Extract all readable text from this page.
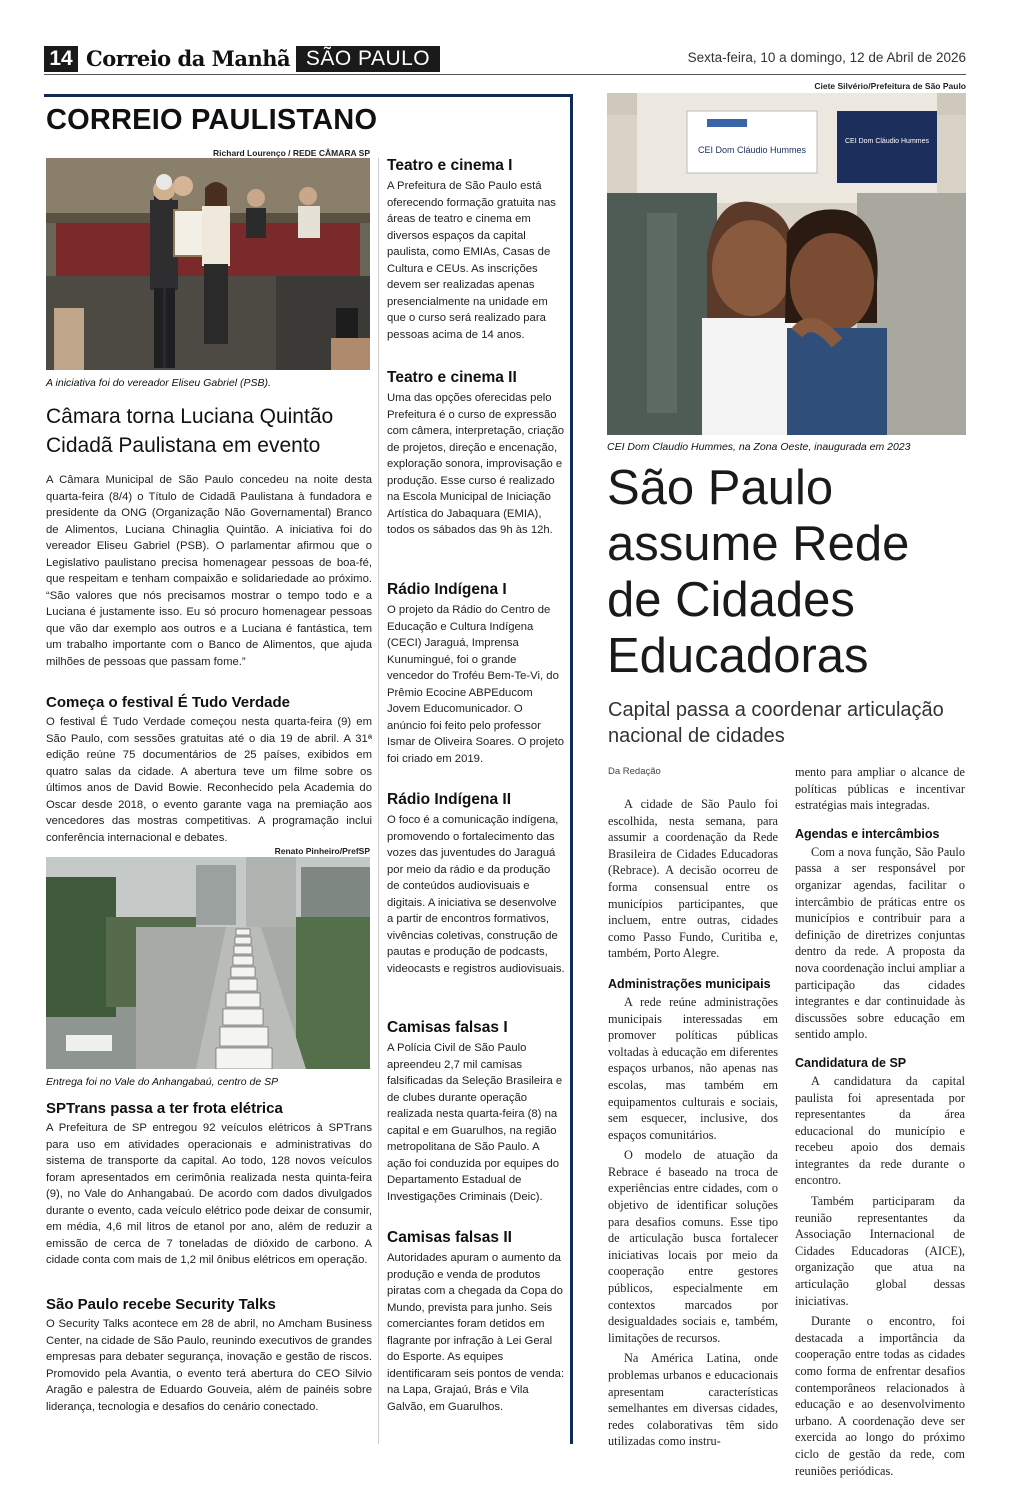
14 Correio da Manhã SÃO PAULO	Sexta-feira, 10 a domingo, 12 de Abril de 2026
CORREIO PAULISTANO
Richard Lourenço / REDE CÂMARA SP
A iniciativa foi do vereador Eliseu Gabriel (PSB).
Câmara torna Luciana Quintão Cidadã Paulistana em evento
A Câmara Municipal de São Paulo concedeu na noite desta quarta-feira (8/4) o Título de Cidadã Paulistana à fundadora e presidente da ONG (Organização Não Governamental) Branco de Alimentos, Luciana Chinaglia Quintão. A iniciativa foi do vereador Eliseu Gabriel (PSB). O parlamentar afirmou que o Legislativo paulistano precisa homenagear pessoas de boa-fé, que respeitam e tenham compaixão e solidariedade ao próximo. “São valores que nós precisamos mostrar o tempo todo e a Luciana é justamente isso. Eu só procuro homenagear pessoas que vão dar exemplo aos outros e a Luciana é fantástica, tem um trabalho importante com o Banco de Alimentos, que ajuda milhões de pessoas que passam fome.”
Começa o festival É Tudo Verdade
O festival É Tudo Verdade começou nesta quarta-feira (9) em São Paulo, com sessões gratuitas até o dia 19 de abril. A 31ª edição reúne 75 documentários de 25 países, exibidos em quatro salas da cidade. A abertura teve um filme sobre os últimos anos de David Bowie. Reconhecido pela Academia do Oscar desde 2018, o evento garante vaga na premiação aos vencedores das mostras competitivas. A programação inclui conferência internacional e debates.
Renato Pinheiro/PrefSP
Entrega foi no Vale do Anhangabaú, centro de SP
SPTrans passa a ter frota elétrica
A Prefeitura de SP entregou 92 veículos elétricos à SPTrans para uso em atividades operacionais e administrativas do sistema de transporte da capital. Ao todo, 128 novos veículos foram apresentados em cerimônia realizada nesta quinta-feira (9), no Vale do Anhangabaú. De acordo com dados divulgados durante o evento, cada veículo elétrico pode deixar de consumir, em média, 4,6 mil litros de etanol por ano, além de reduzir a emissão de cerca de 7 toneladas de dióxido de carbono. A cidade conta com mais de 1,2 mil ônibus elétricos em operação.
São Paulo recebe Security Talks
O Security Talks acontece em 28 de abril, no Amcham Business Center, na cidade de São Paulo, reunindo executivos de grandes empresas para debater segurança, inovação e gestão de riscos. Promovido pela Avantia, o evento terá abertura do CEO Silvio Aragão e palestra de Eduardo Gouveia, além de painéis sobre liderança, tecnologia e desafios do cenário conectado.
Teatro e cinema I
A Prefeitura de São Paulo está oferecendo formação gratuita nas áreas de teatro e cinema em diversos espaços da capital paulista, como EMIAs, Casas de Cultura e CEUs. As inscrições devem ser realizadas apenas presencialmente na unidade em que o curso será realizado para pessoas acima de 14 anos.
Teatro e cinema II
Uma das opções oferecidas pelo Prefeitura é o curso de expressão com câmera, interpretação, criação de projetos, direção e encenação, exploração sonora, improvisação e produção. Esse curso é realizado na Escola Municipal de Iniciação Artística do Jabaquara (EMIA), todos os sábados das 9h às 12h.
Rádio Indígena I
O projeto da Rádio do Centro de Educação e Cultura Indígena (CECI) Jaraguá, Imprensa Kunumingué, foi o grande vencedor do Troféu Bem-Te-Vi, do Prêmio Ecocine ABPEducom Jovem Educomunicador. O anúncio foi feito pelo professor Ismar de Oliveira Soares. O projeto foi criado em 2019.
Rádio Indígena II
O foco é a comunicação indígena, promovendo o fortalecimento das vozes das juventudes do Jaraguá por meio da rádio e da produção de conteúdos audiovisuais e digitais. A iniciativa se desenvolve a partir de encontros formativos, vivências coletivas, construção de pautas e produção de podcasts, videocasts e registros audiovisuais.
Camisas falsas I
A Polícia Civil de São Paulo apreendeu 2,7 mil camisas falsificadas da Seleção Brasileira e de clubes durante operação realizada nesta quarta-feira (8) na capital e em Guarulhos, na região metropolitana de São Paulo. A ação foi conduzida por equipes do Departamento Estadual de Investigações Criminais (Deic).
Camisas falsas II
Autoridades apuram o aumento da produção e venda de produtos piratas com a chegada da Copa do Mundo, prevista para junho. Seis comerciantes foram detidos em flagrante por infração à Lei Geral do Esporte. As equipes identificaram seis pontos de venda: na Lapa, Grajaú, Brás e Vila Galvão, em Guarulhos.
Ciete Silvério/Prefeitura de São Paulo
CEI Dom Cláudio Hummes
CEI Dom Cláudio Hummes
CEI Dom Claudio Hummes, na Zona Oeste, inaugurada em 2023
São Paulo assume Rede de Cidades Educadoras
Capital passa a coordenar articulação nacional de cidades
Da Redação

A cidade de São Paulo foi escolhida, nesta semana, para assumir a coordenação da Rede Brasileira de Cidades Educadoras (Rebrace). A decisão ocorreu de forma consensual entre os municípios participantes, que incluem, entre outras, cidades como Passo Fundo, Curitiba e, também, Porto Alegre.

Administrações municipais

A rede reúne administrações municipais interessadas em promover políticas públicas voltadas à educação em diferentes espaços urbanos, não apenas nas escolas, mas também em equipamentos culturais e sociais, sem esquecer, inclusive, dos espaços comunitários.

O modelo de atuação da Rebrace é baseado na troca de experiências entre cidades, com o objetivo de identificar soluções para desafios comuns. Esse tipo de articulação busca fortalecer iniciativas locais por meio da cooperação entre gestores públicos, especialmente em contextos marcados por desigualdades sociais e, também, limitações de recursos.

Na América Latina, onde problemas urbanos e educacionais apresentam características semelhantes em diversas cidades, redes colaborativas têm sido utilizadas como instru-

mento para ampliar o alcance de políticas públicas e incentivar estratégias mais integradas.

Agendas e intercâmbios

Com a nova função, São Paulo passa a ser responsável por organizar agendas, facilitar o intercâmbio de práticas entre os municípios e contribuir para a definição de diretrizes conjuntas dentro da rede. A proposta da nova coordenação inclui ampliar a participação das cidades integrantes e dar continuidade às discussões sobre educação em sentido amplo.

Candidatura de SP

A candidatura da capital paulista foi apresentada por representantes da área educacional do município e recebeu apoio dos demais integrantes da rede durante o encontro.

Também participaram da reunião representantes da Associação Internacional de Cidades Educadoras (AICE), organização que atua na articulação global dessas iniciativas.

Durante o encontro, foi destacada a importância da cooperação entre todas as cidades como forma de enfrentar desafios contemporâneos relacionados à educação e ao desenvolvimento urbano. A coordenação deve ser exercida ao longo do próximo ciclo de gestão da rede, com reuniões periódicas.
